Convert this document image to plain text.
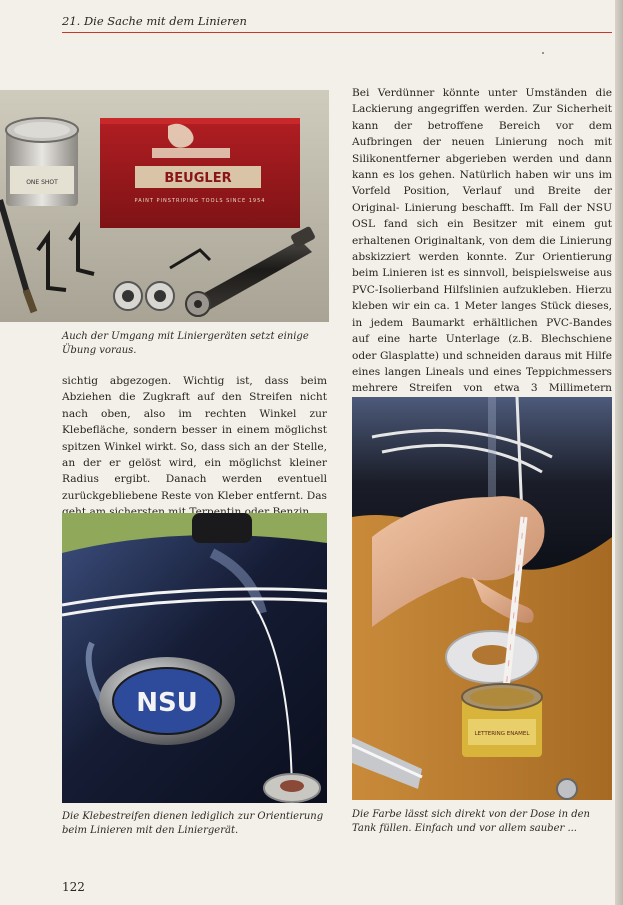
21. Die Sache mit dem Linieren
BEUGLER
PAINT PINSTRIPING TOOLS SINCE 1954
ONE SHOT
Auch der Umgang mit Liniergeräten setzt einige Übung voraus.

Bei Verdünner könnte unter Umständen die Lackierung angegriffen werden. Zur Sicherheit kann der betroffene Bereich vor dem Aufbringen der neuen Linierung noch mit Silikonentferner abgerieben werden und dann kann es los gehen. Natürlich haben wir uns im Vorfeld Position, Verlauf und Breite der Original- Linierung beschafft. Im Fall der NSU OSL fand sich ein Besitzer mit einem gut erhaltenen Originaltank, von dem die Linierung abskizziert werden konnte. Zur Orientierung beim Linieren ist es sinnvoll, beispielsweise aus PVC-Isolierband Hilfslinien aufzukleben. Hierzu kleben wir ein ca. 1 Meter langes Stück dieses, in jedem Baumarkt erhältlichen PVC-Bandes auf eine harte Unterlage (z.B. Blechschiene oder Glasplatte) und schneiden daraus mit Hilfe eines langen Lineals und eines Teppichmessers mehrere Streifen von etwa 3 Millimetern

sichtig abgezogen. Wichtig ist, dass beim Abziehen die Zugkraft auf den Streifen nicht nach oben, also im rechten Winkel zur Klebefläche, sondern besser in einem möglichst spitzen Winkel wirkt. So, dass sich an der Stelle, an der er gelöst wird, ein möglichst kleiner Radius ergibt. Danach werden eventuell zurückgebliebene Reste von Kleber entfernt. Das

NSU
Die Klebestreifen dienen lediglich zur Orientierung beim Linieren mit den Liniergerät.
LETTERING ENAMEL
Die Farbe lässt sich direkt von der Dose in den Tank füllen. Einfach und vor allem sauber ...
122
